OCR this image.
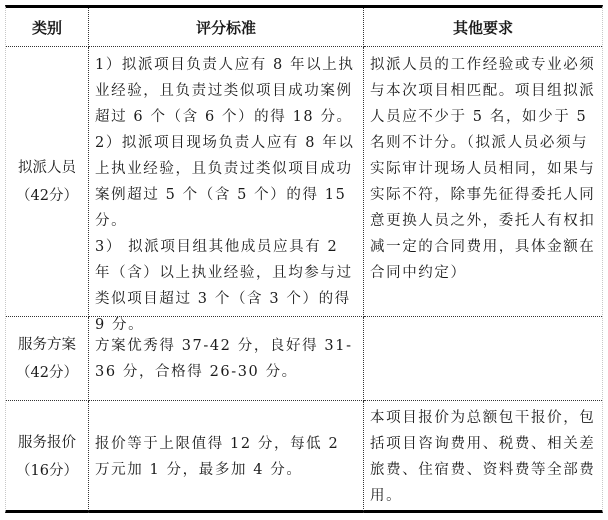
类别	评分标准	其他要求
拟派人员
（42分）
1）拟派项目负责人应有 8 年以上执业经验，且负责过类似项目成功案例超过 6 个（含 6 个）的得 18 分。
2）拟派项目现场负责人应有 8 年以上执业经验，且负责过类似项目成功案例超过 5 个（含 5 个）的得 15 分。
3） 拟派项目组其他成员应具有 2 年（含）以上执业经验，且均参与过类似项目超过 3 个（含 3 个）的得 9 分。
拟派人员的工作经验或专业必须与本次项目相匹配。项目组拟派人员应不少于 5 名，如少于 5 名则不计分。（拟派人员必须与实际审计现场人员相同，如果与实际不符，除事先征得委托人同意更换人员之外，委托人有权扣减一定的合同费用，具体金额在合同中约定）
服务方案
（42分）
方案优秀得 37-42 分，良好得 31-36 分，合格得 26-30 分。
服务报价
（16分）
报价等于上限值得 12 分，每低 2 万元加 1 分，最多加 4 分。
本项目报价为总额包干报价，包括项目咨询费用、税费、相关差旅费、住宿费、资料费等全部费用。
